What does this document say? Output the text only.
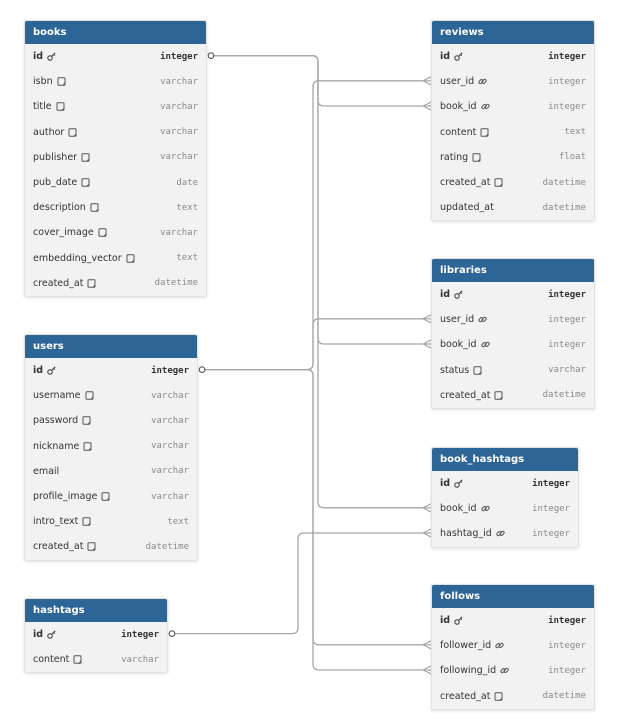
books
id	integer
isbn	varchar
title	varchar
author	varchar
publisher	varchar
pub_date	date
description	text
cover_image	varchar
embedding_vector	text
created_at	datetime
users
id	integer
username	varchar
password	varchar
nickname	varchar
email	varchar
profile_image	varchar
intro_text	text
created_at	datetime
hashtags
id	integer
content	varchar
reviews
id	integer
user_id	integer
book_id	integer
content	text
rating	float
created_at	datetime
updated_at	datetime
libraries
id	integer
user_id	integer
book_id	integer
status	varchar
created_at	datetime
book_hashtags
id	integer
book_id	integer
hashtag_id	integer
follows
id	integer
follower_id	integer
following_id	integer
created_at	datetime
